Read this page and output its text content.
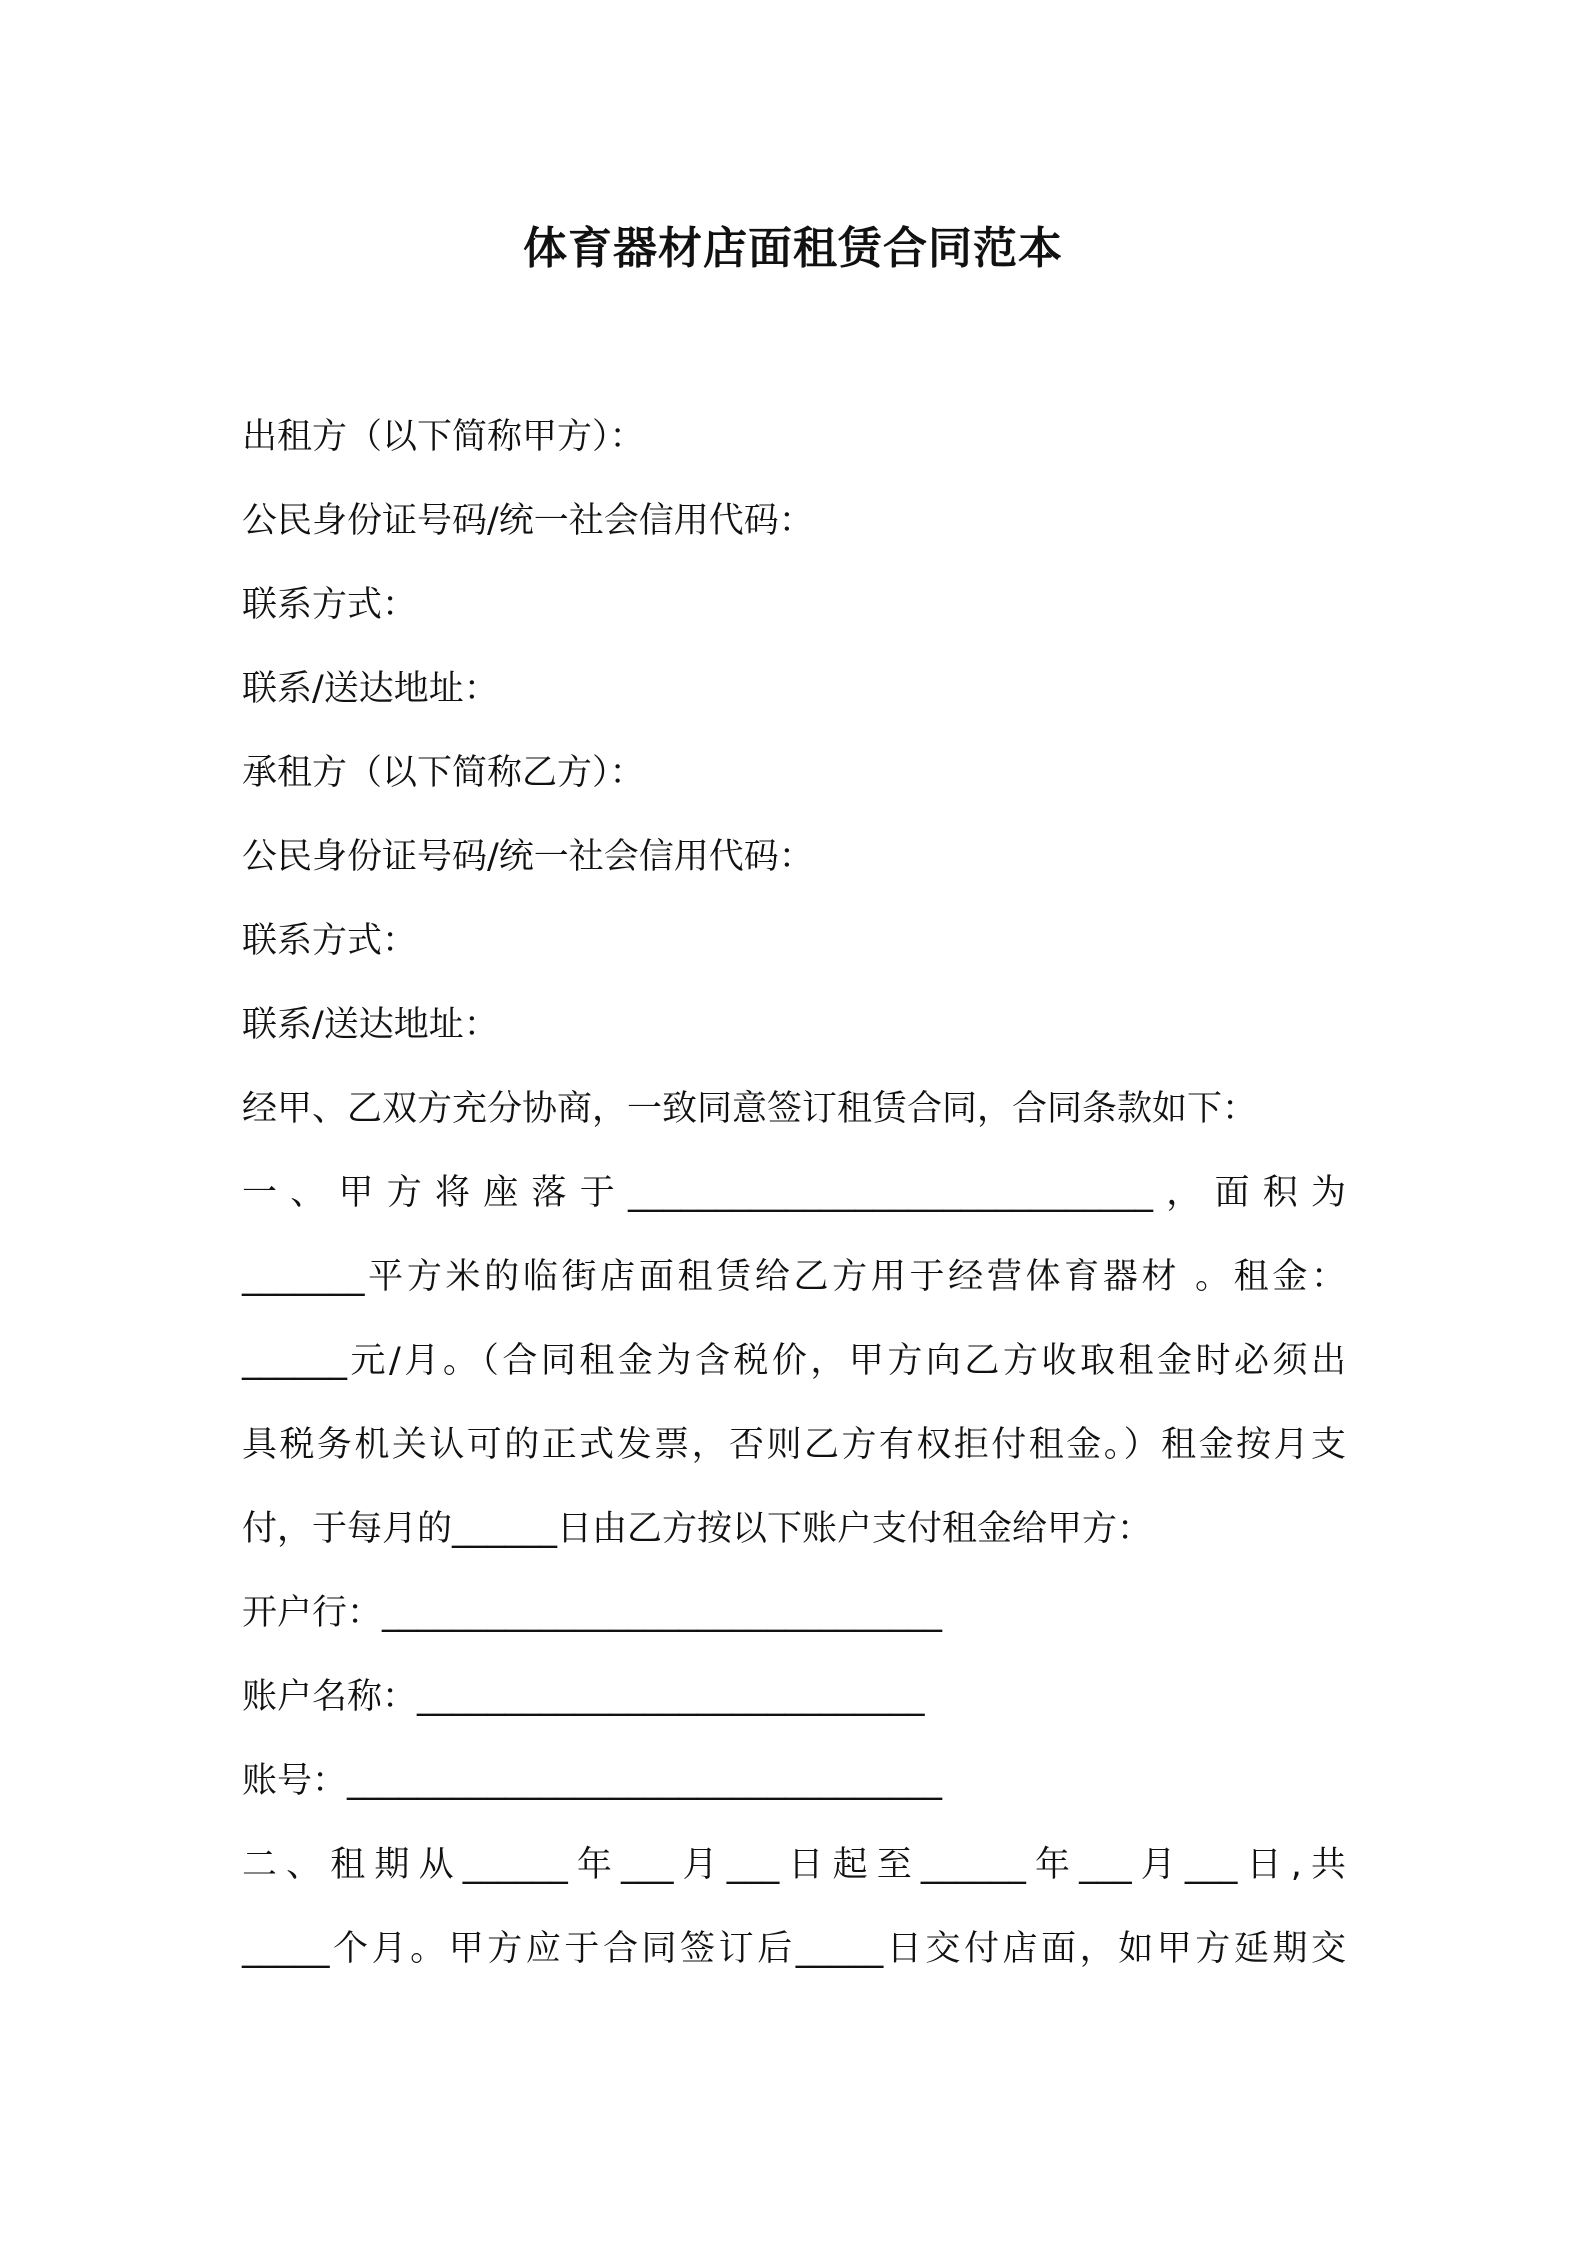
体育器材店面租赁合同范本
出租方（以下简称甲方）：
公民身份证号码/统一社会信用代码：
联系方式：
联系/送达地址：
承租方（以下简称乙方）：
公民身份证号码/统一社会信用代码：
联系方式：
联系/送达地址：
经甲、乙双方充分协商，一致同意签订租赁合同，合同条款如下：
一、甲方将座落于______________________________，面积为
_______平方米的临街店面租赁给乙方用于经营体育器材 。租金：
______元/月。（合同租金为含税价，甲方向乙方收取租金时必须出
具税务机关认可的正式发票，否则乙方有权拒付租金。）租金按月支
付，于每月的______日由乙方按以下账户支付租金给甲方：
开户行：________________________________
账户名称：_____________________________
账号：__________________________________
二、租期从______年___月___日起至______年___月___日,共
_____个月。甲方应于合同签订后_____日交付店面，如甲方延期交
